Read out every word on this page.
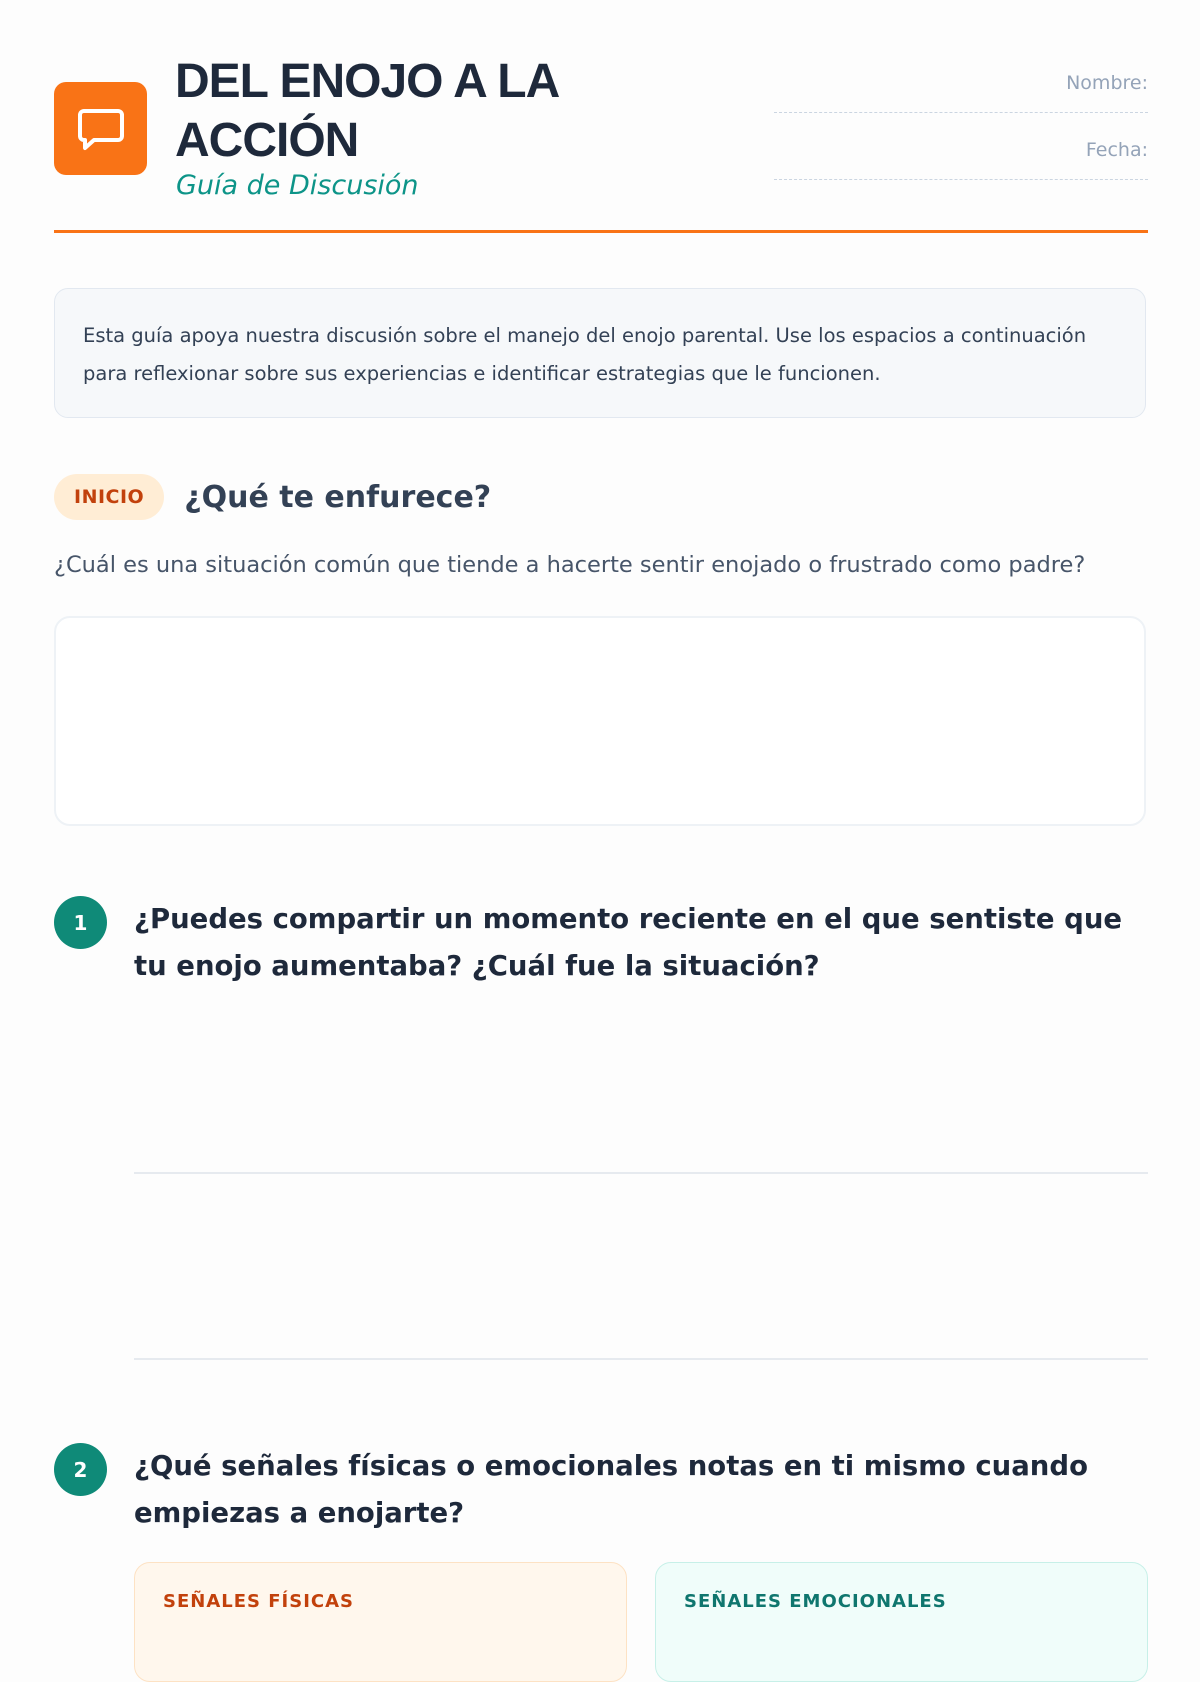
DEL ENOJO A LA ACCIÓN
Guía de Discusión
Nombre:
Fecha:
Esta guía apoya nuestra discusión sobre el manejo del enojo parental. Use los espacios a continuación para reflexionar sobre sus experiencias e identificar estrategias que le funcionen.
INICIO	¿Qué te enfurece?
¿Cuál es una situación común que tiende a hacerte sentir enojado o frustrado como padre?
1	¿Puedes compartir un momento reciente en el que sentiste que tu enojo aumentaba? ¿Cuál fue la situación?
2	¿Qué señales físicas o emocionales notas en ti mismo cuando empiezas a enojarte?
SEÑALES FÍSICAS	SEÑALES EMOCIONALES
